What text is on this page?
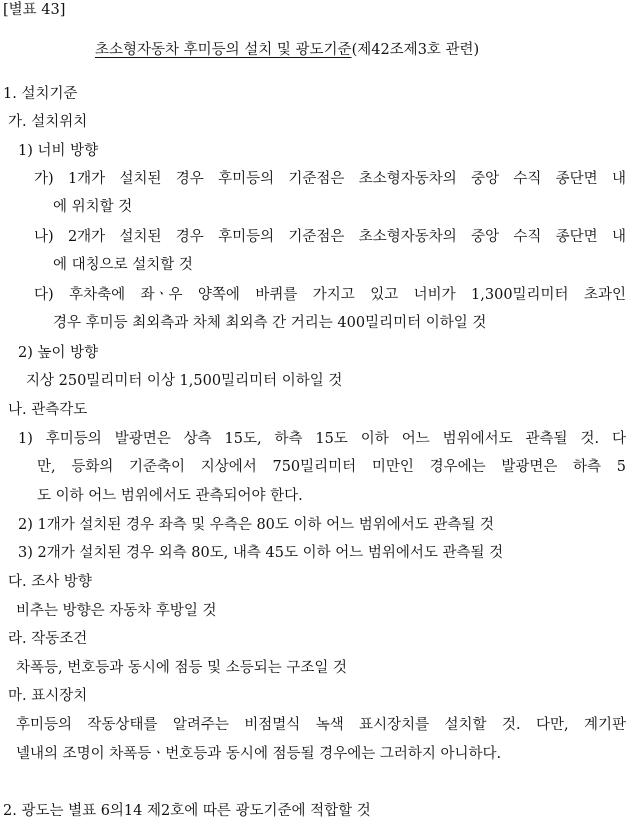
[별표 43]
초소형자동차 후미등의 설치 및 광도기준(제42조제3호 관련)
1. 설치기준
가. 설치위치
1) 너비 방향
가) 1개가 설치된 경우 후미등의 기준점은 초소형자동차의 중앙 수직 종단면 내
에 위치할 것
나) 2개가 설치된 경우 후미등의 기준점은 초소형자동차의 중앙 수직 종단면 내
에 대칭으로 설치할 것
다) 후차축에 좌ㆍ우 양쪽에 바퀴를 가지고 있고 너비가 1,300밀리미터 초과인
경우 후미등 최외측과 차체 최외측 간 거리는 400밀리미터 이하일 것
2) 높이 방향
지상 250밀리미터 이상 1,500밀리미터 이하일 것
나. 관측각도
1) 후미등의 발광면은 상측 15도, 하측 15도 이하 어느 범위에서도 관측될 것. 다
만, 등화의 기준축이 지상에서 750밀리미터 미만인 경우에는 발광면은 하측 5
도 이하 어느 범위에서도 관측되어야 한다.
2) 1개가 설치된 경우 좌측 및 우측은 80도 이하 어느 범위에서도 관측될 것
3) 2개가 설치된 경우 외측 80도, 내측 45도 이하 어느 범위에서도 관측될 것
다. 조사 방향
비추는 방향은 자동차 후방일 것
라. 작동조건
차폭등, 번호등과 동시에 점등 및 소등되는 구조일 것
마. 표시장치
후미등의 작동상태를 알려주는 비점멸식 녹색 표시장치를 설치할 것. 다만, 계기판
넬내의 조명이 차폭등ㆍ번호등과 동시에 점등될 경우에는 그러하지 아니하다.
2. 광도는 별표 6의14 제2호에 따른 광도기준에 적합할 것
